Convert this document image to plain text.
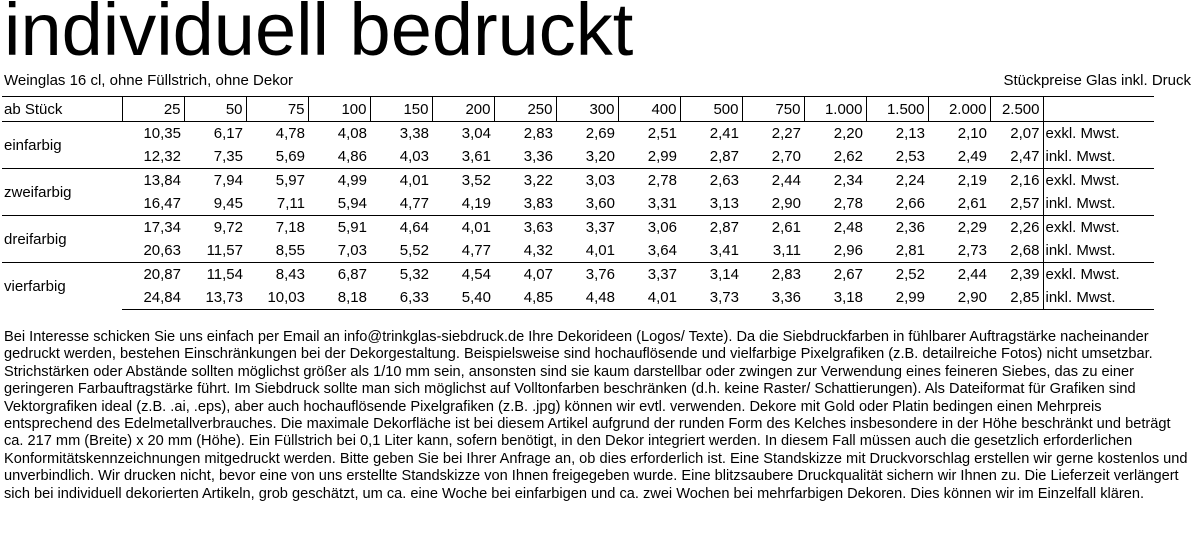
individuell bedruckt
Weinglas 16 cl, ohne Füllstrich, ohne Dekor	Stückpreise Glas inkl. Druck
ab Stück	25	50	75	100	150	200	250	300	400	500	750	1.000	1.500	2.000	2.500	
einfarbig	10,35	6,17	4,78	4,08	3,38	3,04	2,83	2,69	2,51	2,41	2,27	2,20	2,13	2,10	2,07	exkl. Mwst.
	12,32	7,35	5,69	4,86	4,03	3,61	3,36	3,20	2,99	2,87	2,70	2,62	2,53	2,49	2,47	inkl. Mwst.
zweifarbig	13,84	7,94	5,97	4,99	4,01	3,52	3,22	3,03	2,78	2,63	2,44	2,34	2,24	2,19	2,16	exkl. Mwst.
	16,47	9,45	7,11	5,94	4,77	4,19	3,83	3,60	3,31	3,13	2,90	2,78	2,66	2,61	2,57	inkl. Mwst.
dreifarbig	17,34	9,72	7,18	5,91	4,64	4,01	3,63	3,37	3,06	2,87	2,61	2,48	2,36	2,29	2,26	exkl. Mwst.
	20,63	11,57	8,55	7,03	5,52	4,77	4,32	4,01	3,64	3,41	3,11	2,96	2,81	2,73	2,68	inkl. Mwst.
vierfarbig	20,87	11,54	8,43	6,87	5,32	4,54	4,07	3,76	3,37	3,14	2,83	2,67	2,52	2,44	2,39	exkl. Mwst.
	24,84	13,73	10,03	8,18	6,33	5,40	4,85	4,48	4,01	3,73	3,36	3,18	2,99	2,90	2,85	inkl. Mwst.
Bei Interesse schicken Sie uns einfach per Email an info@trinkglas-siebdruck.de Ihre Dekorideen (Logos/ Texte). Da die Siebdruckfarben in fühlbarer Auftragstärke nacheinander gedruckt werden, bestehen Einschränkungen bei der Dekorgestaltung. Beispielsweise sind hochauflösende und vielfarbige Pixelgrafiken (z.B. detailreiche Fotos) nicht umsetzbar. Strichstärken oder Abstände sollten möglichst größer als 1/10 mm sein, ansonsten sind sie kaum darstellbar oder zwingen zur Verwendung eines feineren Siebes, das zu einer geringeren Farbauftragstärke führt. Im Siebdruck sollte man sich möglichst auf Volltonfarben beschränken (d.h. keine Raster/ Schattierungen). Als Dateiformat für Grafiken sind Vektorgrafiken ideal (z.B. .ai, .eps), aber auch hochauflösende Pixelgrafiken (z.B. .jpg) können wir evtl. verwenden. Dekore mit Gold oder Platin bedingen einen Mehrpreis entsprechend des Edelmetallverbrauches. Die maximale Dekorfläche ist bei diesem Artikel aufgrund der runden Form des Kelches insbesondere in der Höhe beschränkt und beträgt ca. 217 mm (Breite) x 20 mm (Höhe). Ein Füllstrich bei 0,1 Liter kann, sofern benötigt, in den Dekor integriert werden. In diesem Fall müssen auch die gesetzlich erforderlichen Konformitätskennzeichnungen mitgedruckt werden. Bitte geben Sie bei Ihrer Anfrage an, ob dies erforderlich ist. Eine Standskizze mit Druckvorschlag erstellen wir gerne kostenlos und unverbindlich. Wir drucken nicht, bevor eine von uns erstellte Standskizze von Ihnen freigegeben wurde. Eine blitzsaubere Druckqualität sichern wir Ihnen zu. Die Lieferzeit verlängert sich bei individuell dekorierten Artikeln, grob geschätzt, um ca. eine Woche bei einfarbigen und ca. zwei Wochen bei mehrfarbigen Dekoren. Dies können wir im Einzelfall klären.
